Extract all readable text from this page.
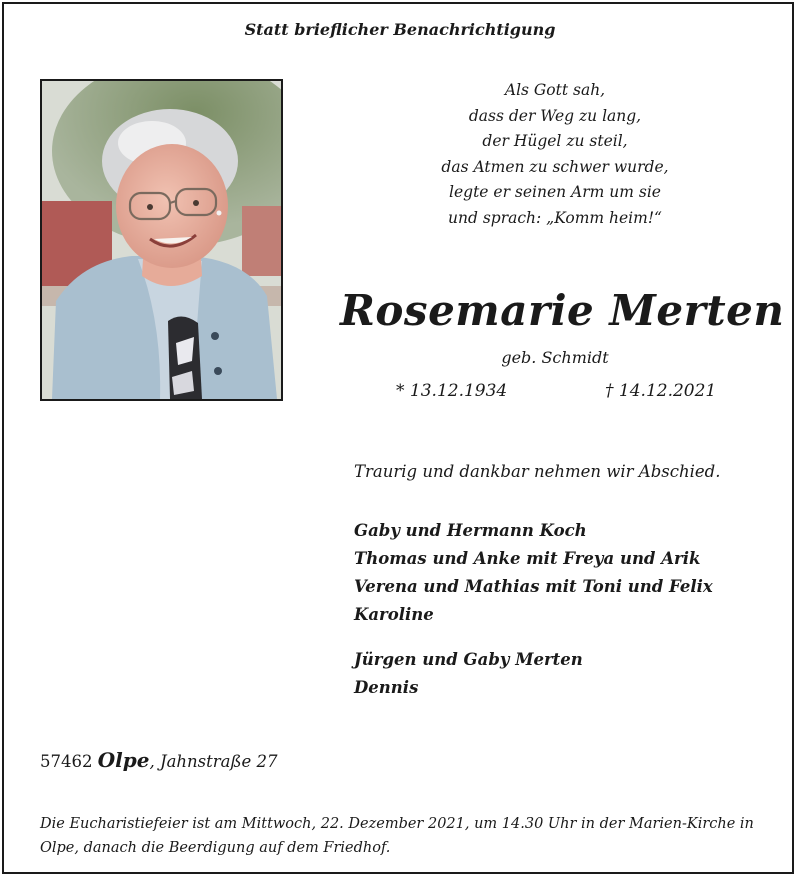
Statt brieflicher Benachrichtigung
Als Gott sah,
dass der Weg zu lang,
der Hügel zu steil,
das Atmen zu schwer wurde,
legte er seinen Arm um sie
und sprach: „Komm heim!“
Rosemarie Merten
geb. Schmidt
* 13.12.1934	† 14.12.2021
Traurig und dankbar nehmen wir Abschied.
Gaby und Hermann Koch
Thomas und Anke mit Freya und Arik
Verena und Mathias mit Toni und Felix
Karoline
Jürgen und Gaby Merten
Dennis
57462 Olpe, Jahnstraße 27
Die Eucharistiefeier ist am Mittwoch, 22. Dezember 2021, um 14.30 Uhr in der Marien-Kirche in Olpe, danach die Beerdigung auf dem Friedhof.
